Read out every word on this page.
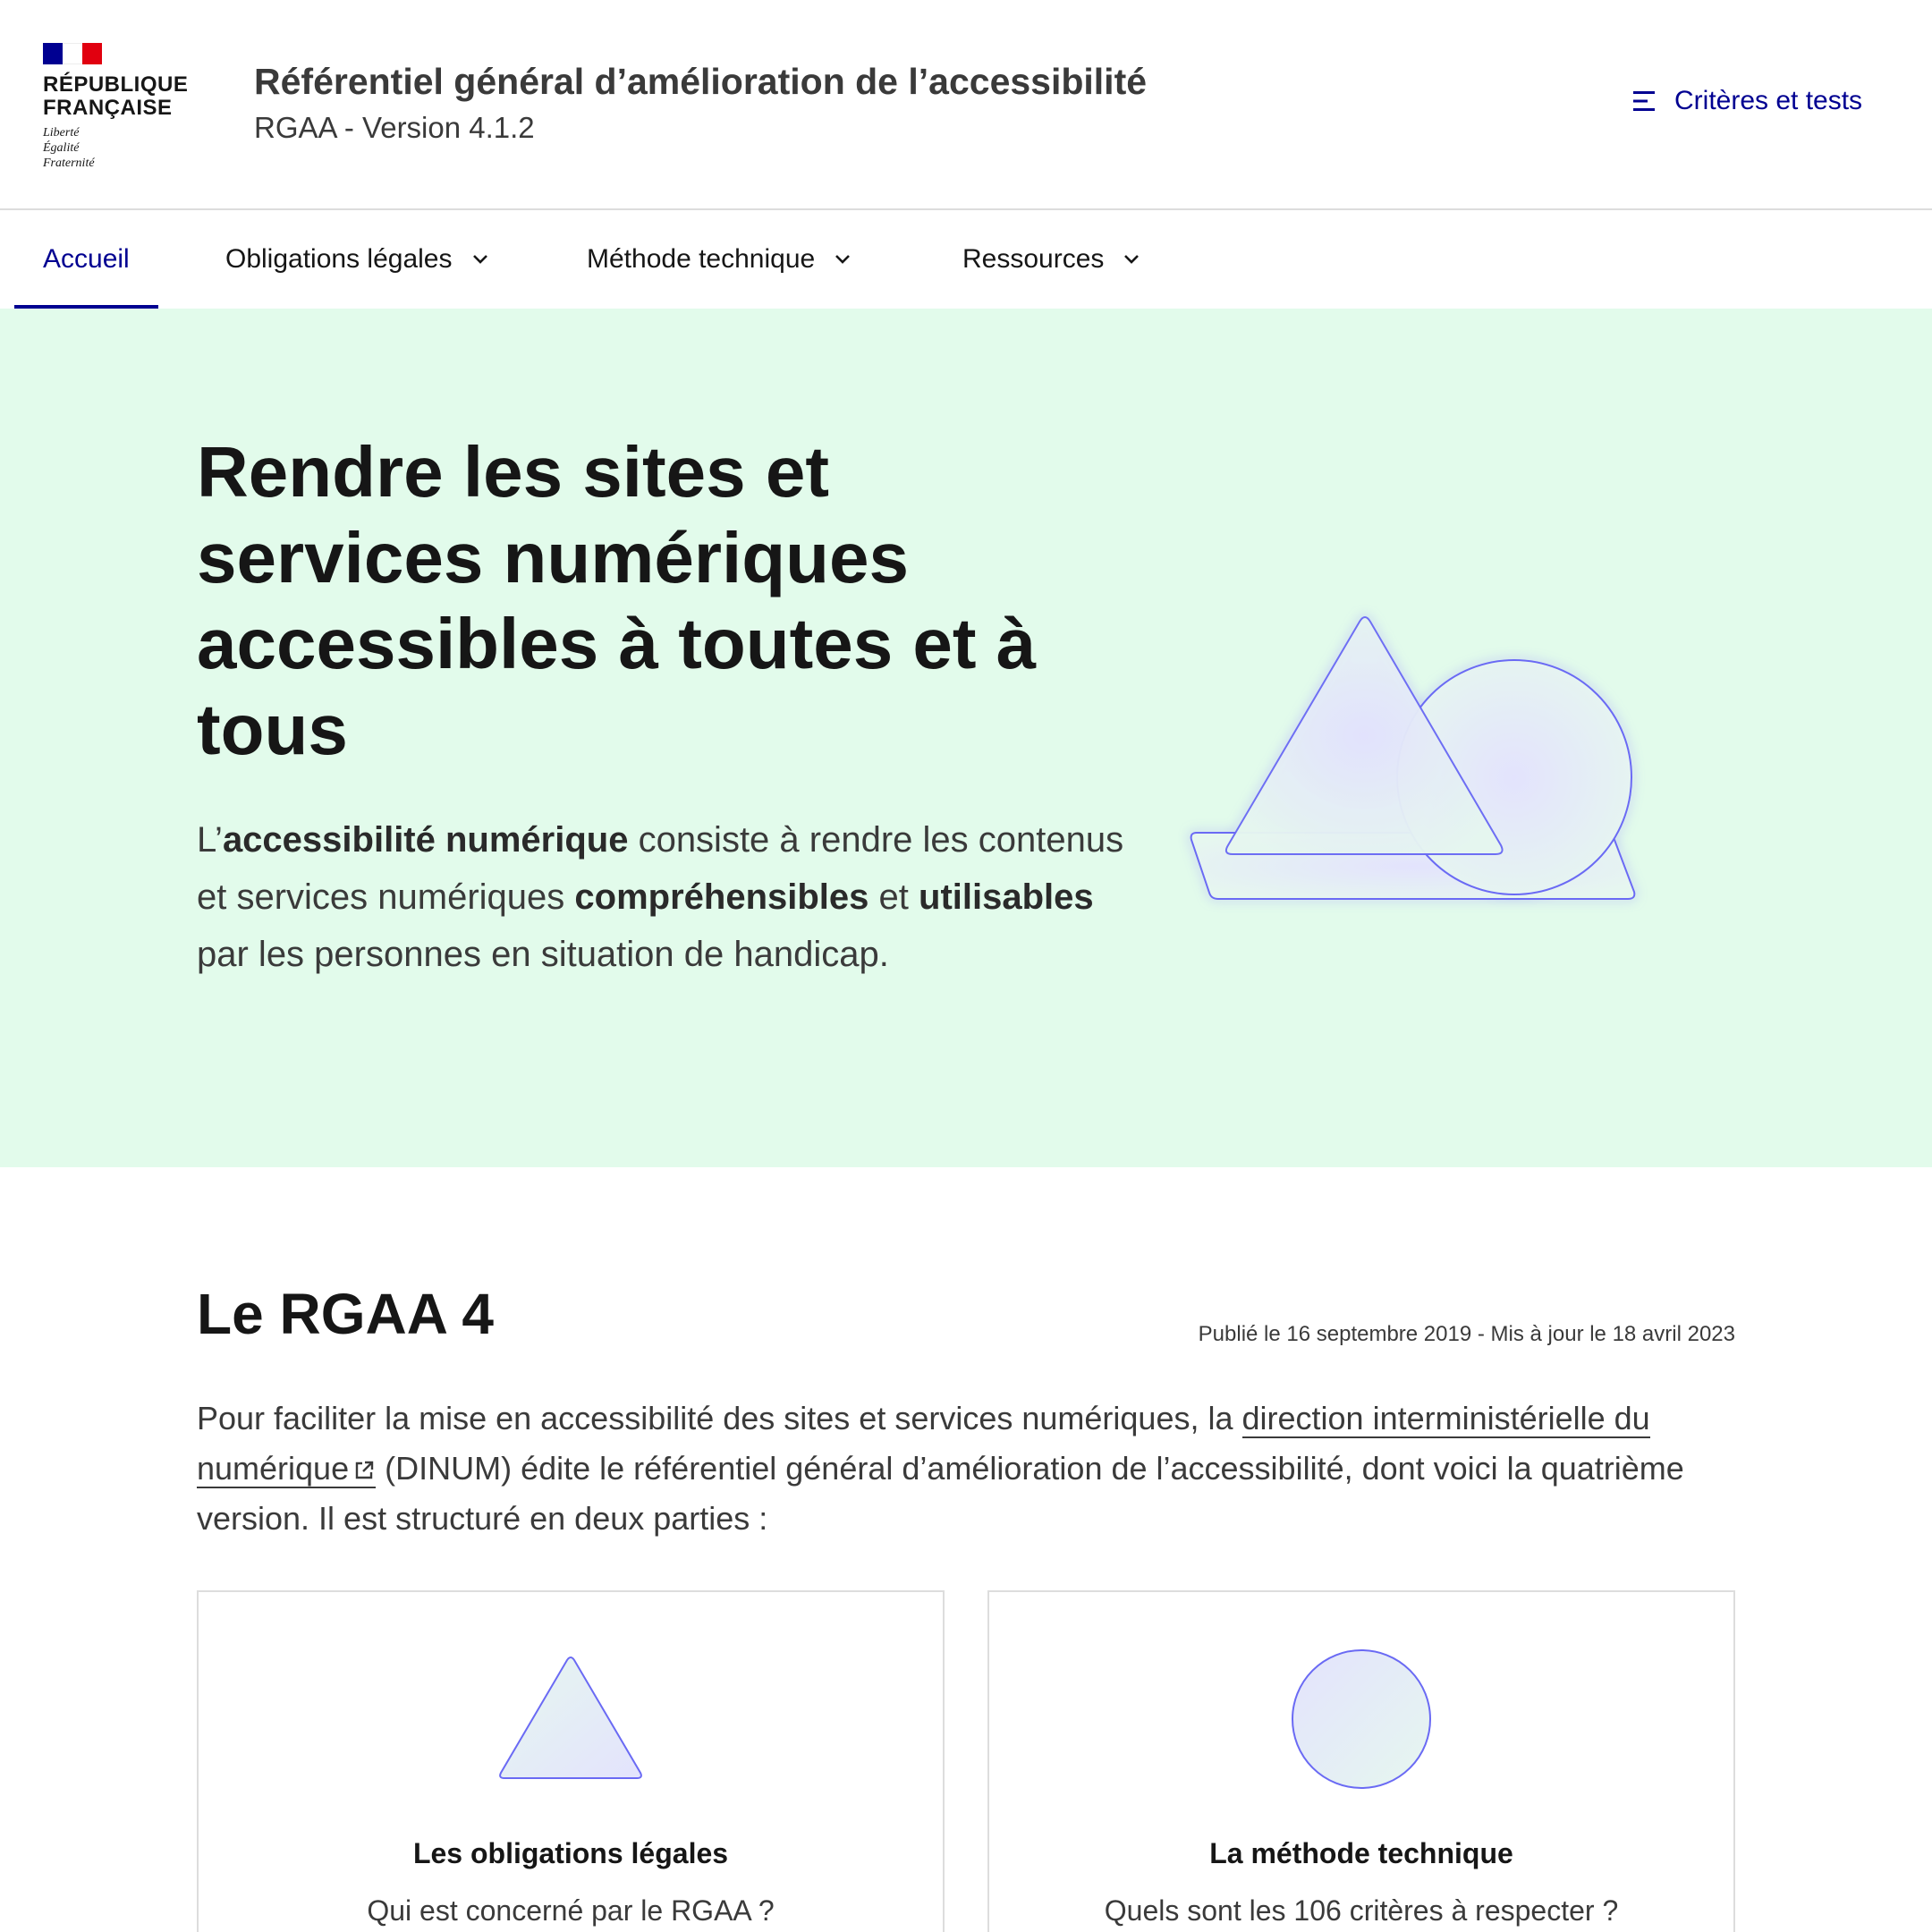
RÉPUBLIQUE
FRANÇAISE
Liberté
Égalité
Fraternité
Référentiel général d’amélioration de l’accessibilité
RGAA - Version 4.1.2
Critères et tests
Accueil	Obligations légales	Méthode technique	Ressources
Rendre les sites et services numériques accessibles à toutes et à tous

L’accessibilité numérique consiste à rendre les contenus et services numériques compréhensibles et utilisables par les personnes en situation de handicap.

Le RGAA 4	Publié le 16 septembre 2019 - Mis à jour le 18 avril 2023

Pour faciliter la mise en accessibilité des sites et services numériques, la direction interministérielle du numérique (DINUM) édite le référentiel général d’amélioration de l’accessibilité, dont voici la quatrième version. Il est structuré en deux parties :

Les obligations légales
Qui est concerné par le RGAA ?
La méthode technique
Quels sont les 106 critères à respecter ?
